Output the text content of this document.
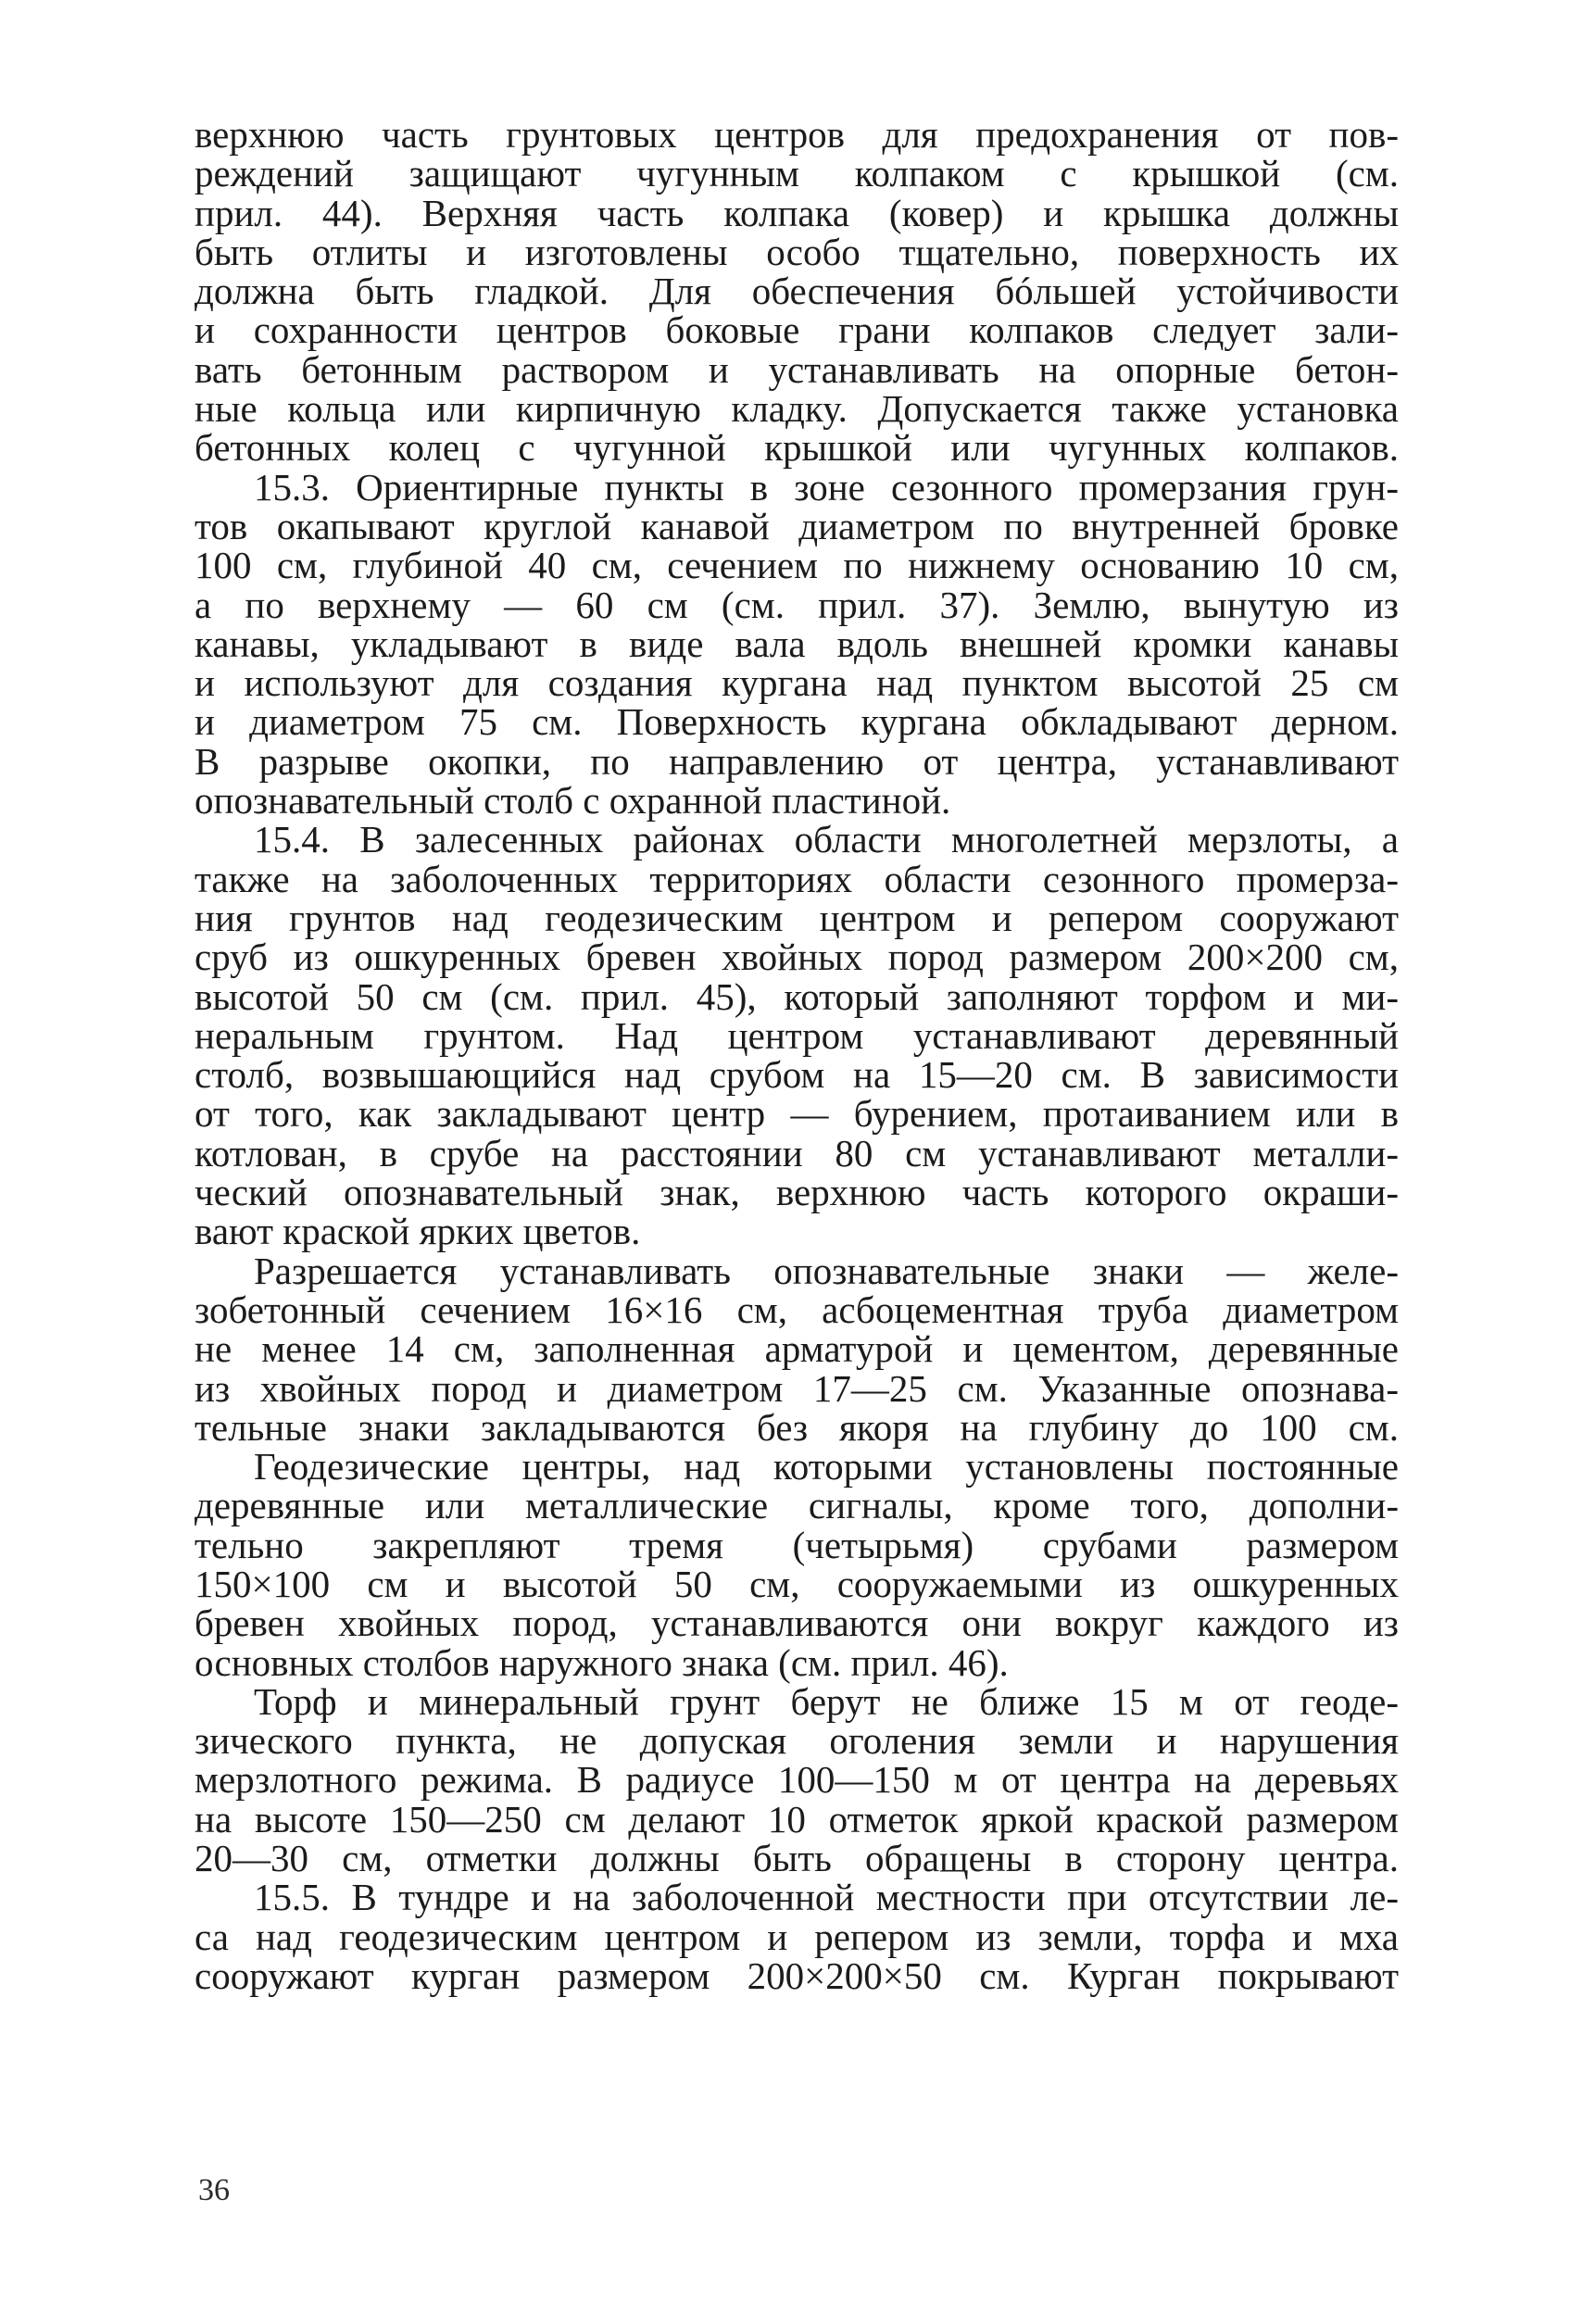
верхнюю часть грунтовых центров для предохранения от пов-
реждений защищают чугунным колпаком с крышкой (см.
прил. 44). Верхняя часть колпака (ковер) и крышка должны
быть отлиты и изготовлены особо тщательно, поверхность их
должна быть гладкой. Для обеспечения бóльшей устойчивости
и сохранности центров боковые грани колпаков следует зали-
вать бетонным раствором и устанавливать на опорные бетон-
ные кольца или кирпичную кладку. Допускается также установка
бетонных колец с чугунной крышкой или чугунных колпаков.
15.3. Ориентирные пункты в зоне сезонного промерзания грун-
тов окапывают круглой канавой диаметром по внутренней бровке
100 см, глубиной 40 см, сечением по нижнему основанию 10 см,
а по верхнему — 60 см (см. прил. 37). Землю, вынутую из
канавы, укладывают в виде вала вдоль внешней кромки канавы
и используют для создания кургана над пунктом высотой 25 см
и диаметром 75 см. Поверхность кургана обкладывают дерном.
В разрыве окопки, по направлению от центра, устанавливают
опознавательный столб с охранной пластиной.
15.4. В залесенных районах области многолетней мерзлоты, а
также на заболоченных территориях области сезонного промерза-
ния грунтов над геодезическим центром и репером сооружают
сруб из ошкуренных бревен хвойных пород размером 200×200 см,
высотой 50 см (см. прил. 45), который заполняют торфом и ми-
неральным грунтом. Над центром устанавливают деревянный
столб, возвышающийся над срубом на 15—20 см. В зависимости
от того, как закладывают центр — бурением, протаиванием или в
котлован, в срубе на расстоянии 80 см устанавливают металли-
ческий опознавательный знак, верхнюю часть которого окраши-
вают краской ярких цветов.
Разрешается устанавливать опознавательные знаки — желе-
зобетонный сечением 16×16 см, асбоцементная труба диаметром
не менее 14 см, заполненная арматурой и цементом, деревянные
из хвойных пород и диаметром 17—25 см. Указанные опознава-
тельные знаки закладываются без якоря на глубину до 100 см.
Геодезические центры, над которыми установлены постоянные
деревянные или металлические сигналы, кроме того, дополни-
тельно закрепляют тремя (четырьмя) срубами размером
150×100 см и высотой 50 см, сооружаемыми из ошкуренных
бревен хвойных пород, устанавливаются они вокруг каждого из
основных столбов наружного знака (см. прил. 46).
Торф и минеральный грунт берут не ближе 15 м от геоде-
зического пункта, не допуская оголения земли и нарушения
мерзлотного режима. В радиусе 100—150 м от центра на деревьях
на высоте 150—250 см делают 10 отметок яркой краской размером
20—30 см, отметки должны быть обращены в сторону центра.
15.5. В тундре и на заболоченной местности при отсутствии ле-
са над геодезическим центром и репером из земли, торфа и мха
сооружают курган размером 200×200×50 см. Курган покрывают
36
